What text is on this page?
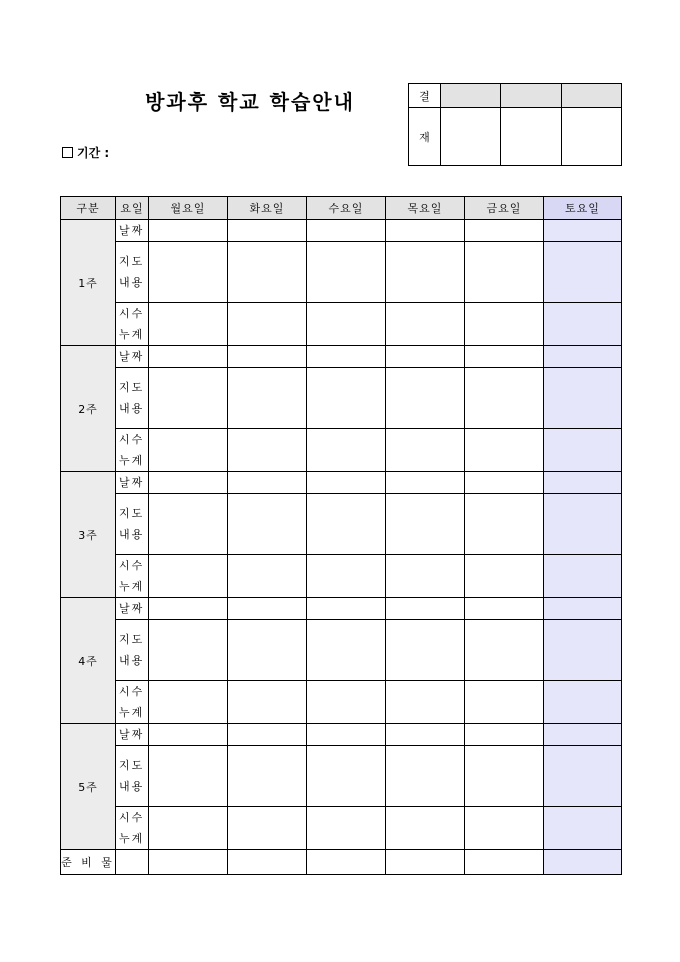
방과후 학교 학습안내
기간 :
결			
재			
구분	요일	월요일	화요일	수요일	목요일	금요일	토요일
1주	날짜						
	지도
내용						
	시수
누계						
2주	날짜						
	지도
내용						
	시수
누계						
3주	날짜						
	지도
내용						
	시수
누계						
4주	날짜						
	지도
내용						
	시수
누계						
5주	날짜						
	지도
내용						
	시수
누계						
준 비 물							
